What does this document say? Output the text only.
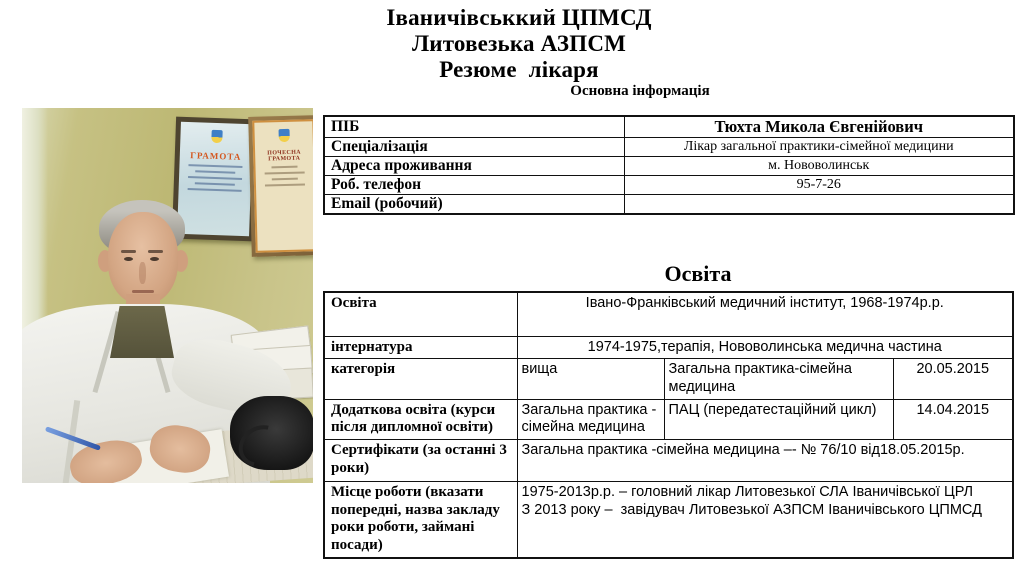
Іваничівськкий ЦПМСД
Литовезька АЗПСМ
Резюме  лікаря
Основна інформація
ГРАМОТА	ПОЧЕСНА ГРАМОТА
ПІБ	Тюхта Микола Євгенійович
Спеціалізація	Лікар загальної практики-сімейної медицини
Адреса проживання	м. Нововолинськ
Роб. телефон	95-7-26
Email (робочий)	
Освіта
Освіта	Івано-Франківський медичний інститут, 1968-1974р.р.		
інтернатура	1974-1975,терапія, Нововолинська медична частина		
категорія	вища	Загальна практика-сімейна медицина	20.05.2015
Додаткова освіта (курси після дипломної освіти)	Загальна практика - сімейна медицина	ПАЦ (передатестаційний цикл)	14.04.2015
Сертифікати (за останні 3 роки)	Загальна практика -сімейна медицина –- № 76/10 від18.05.2015р.		
Місце роботи (вказати попередні, назва закладу роки роботи, займані посади)	1975-2013р.р. – головний лікар Литовезької СЛА Іваничівської ЦРЛ
З 2013 року –  завідувач Литовезької АЗПСМ Іваничівського ЦПМСД		
